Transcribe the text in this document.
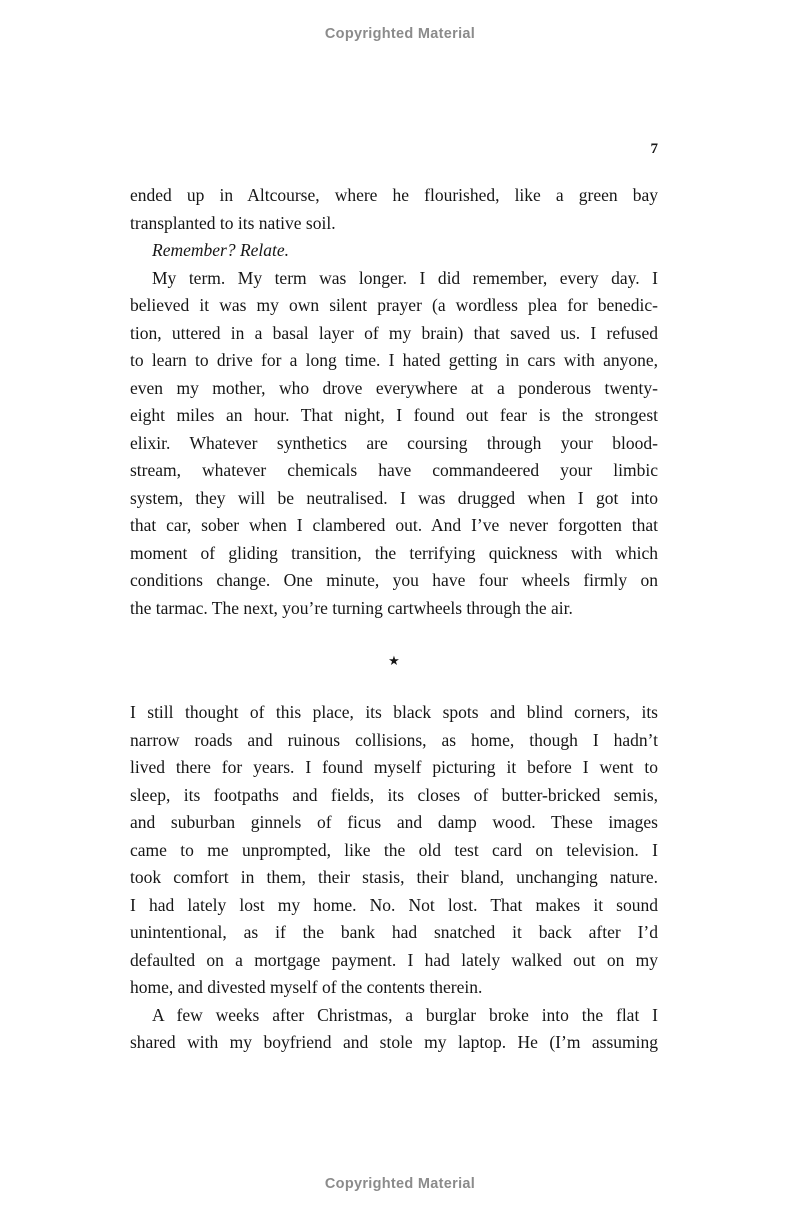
Copyrighted Material
7
ended up in Altcourse, where he flourished, like a green bay
transplanted to its native soil.
Remember? Relate.
My term. My term was longer. I did remember, every day. I
believed it was my own silent prayer (a wordless plea for benedic-
tion, uttered in a basal layer of my brain) that saved us. I refused
to learn to drive for a long time. I hated getting in cars with anyone,
even my mother, who drove everywhere at a ponderous twenty-
eight miles an hour. That night, I found out fear is the strongest
elixir. Whatever synthetics are coursing through your blood-
stream, whatever chemicals have commandeered your limbic
system, they will be neutralised. I was drugged when I got into
that car, sober when I clambered out. And I’ve never forgotten that
moment of gliding transition, the terrifying quickness with which
conditions change. One minute, you have four wheels firmly on
the tarmac. The next, you’re turning cartwheels through the air.
★
I still thought of this place, its black spots and blind corners, its
narrow roads and ruinous collisions, as home, though I hadn’t
lived there for years. I found myself picturing it before I went to
sleep, its footpaths and fields, its closes of butter-bricked semis,
and suburban ginnels of ficus and damp wood. These images
came to me unprompted, like the old test card on television. I
took comfort in them, their stasis, their bland, unchanging nature.
I had lately lost my home. No. Not lost. That makes it sound
unintentional, as if the bank had snatched it back after I’d
defaulted on a mortgage payment. I had lately walked out on my
home, and divested myself of the contents therein.
A few weeks after Christmas, a burglar broke into the flat I
shared with my boyfriend and stole my laptop. He (I’m assuming
Copyrighted Material
